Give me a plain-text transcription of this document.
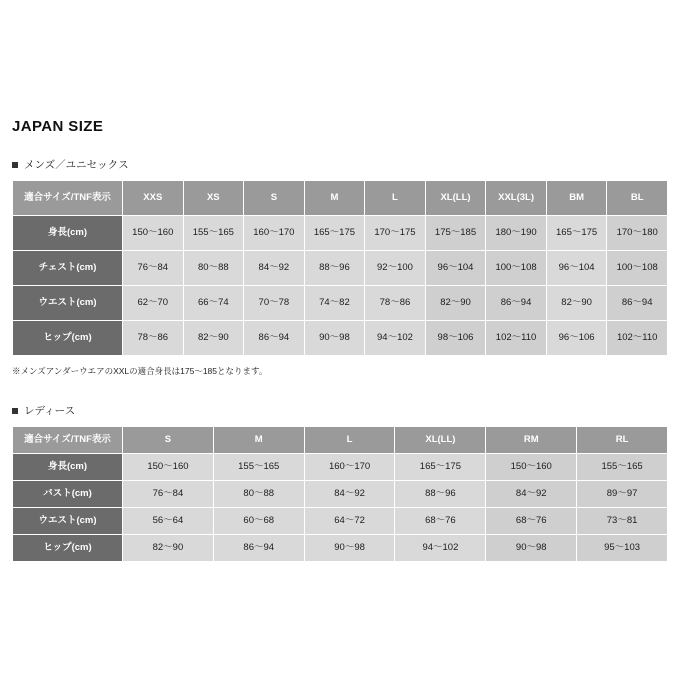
JAPAN SIZE
メンズ／ユニセックス
適合サイズ/TNF表示	XXS	XS	S	M	L	XL(LL)	XXL(3L)	BM	BL
身長(cm)	150〜160	155〜165	160〜170	165〜175	170〜175	175〜185	180〜190	165〜175	170〜180
チェスト(cm)	76〜84	80〜88	84〜92	88〜96	92〜100	96〜104	100〜108	96〜104	100〜108
ウエスト(cm)	62〜70	66〜74	70〜78	74〜82	78〜86	82〜90	86〜94	82〜90	86〜94
ヒップ(cm)	78〜86	82〜90	86〜94	90〜98	94〜102	98〜106	102〜110	96〜106	102〜110
※メンズアンダーウエアのXXLの適合身長は175〜185となります。
レディース
適合サイズ/TNF表示	S	M	L	XL(LL)	RM	RL
身長(cm)	150〜160	155〜165	160〜170	165〜175	150〜160	155〜165
バスト(cm)	76〜84	80〜88	84〜92	88〜96	84〜92	89〜97
ウエスト(cm)	56〜64	60〜68	64〜72	68〜76	68〜76	73〜81
ヒップ(cm)	82〜90	86〜94	90〜98	94〜102	90〜98	95〜103
